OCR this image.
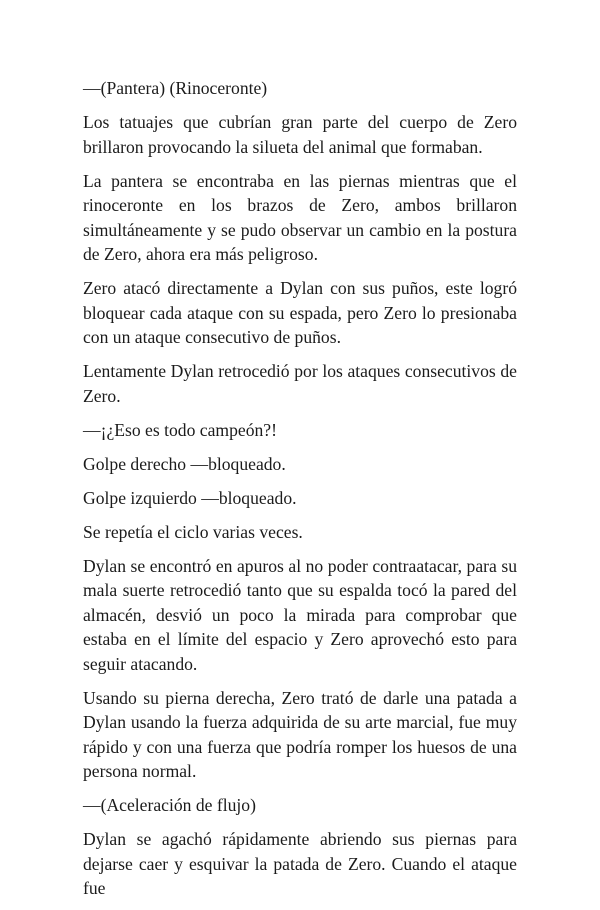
—(Pantera) (Rinoceronte)

Los tatuajes que cubrían gran parte del cuerpo de Zero brillaron provocando la silueta del animal que formaban.

La pantera se encontraba en las piernas mientras que el rinoceronte en los brazos de Zero, ambos brillaron simultáneamente y se pudo observar un cambio en la postura de Zero, ahora era más peligroso.

Zero atacó directamente a Dylan con sus puños, este logró bloquear cada ataque con su espada, pero Zero lo presionaba con un ataque consecutivo de puños.

Lentamente Dylan retrocedió por los ataques consecutivos de Zero.

—¡¿Eso es todo campeón?!

Golpe derecho —bloqueado.

Golpe izquierdo —bloqueado.

Se repetía el ciclo varias veces.

Dylan se encontró en apuros al no poder contraatacar, para su mala suerte retrocedió tanto que su espalda tocó la pared del almacén, desvió un poco la mirada para comprobar que estaba en el límite del espacio y Zero aprovechó esto para seguir atacando.

Usando su pierna derecha, Zero trató de darle una patada a Dylan usando la fuerza adquirida de su arte marcial, fue muy rápido y con una fuerza que podría romper los huesos de una persona normal.

—(Aceleración de flujo)

Dylan se agachó rápidamente abriendo sus piernas para dejarse caer y esquivar la patada de Zero. Cuando el ataque fue
